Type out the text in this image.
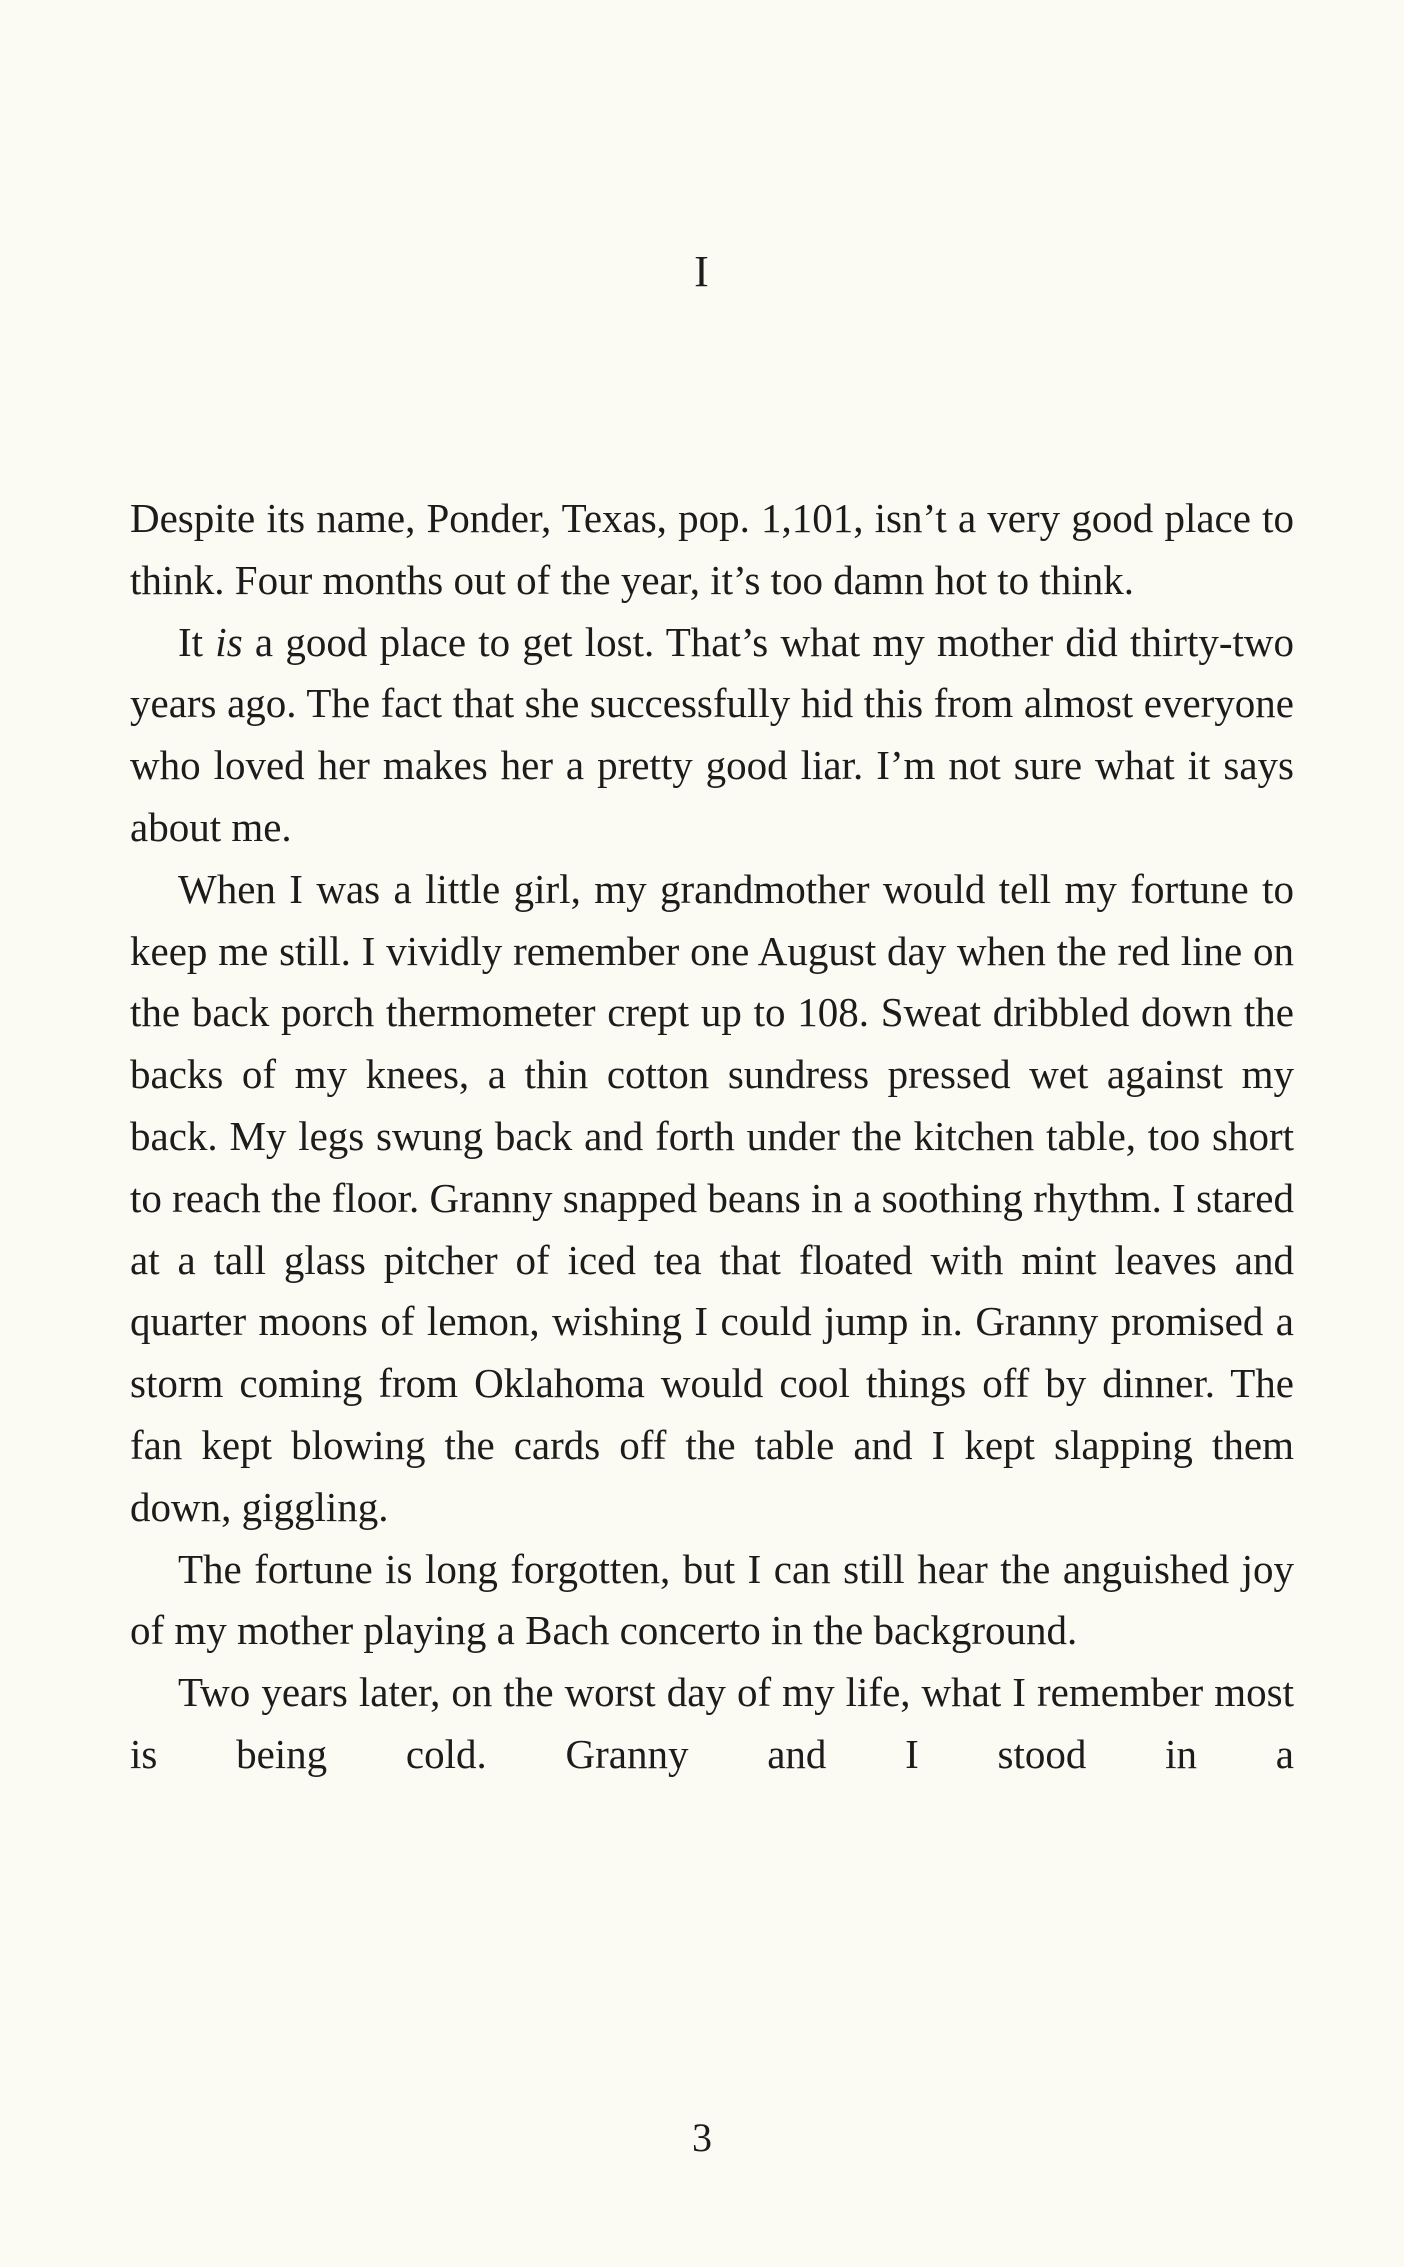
I

Despite its name, Ponder, Texas, pop. 1,101, isn’t a very good place to think. Four months out of the year, it’s too damn hot to think.

It is a good place to get lost. That’s what my mother did thirty-two years ago. The fact that she successfully hid this from almost everyone who loved her makes her a pretty good liar. I’m not sure what it says about me.

When I was a little girl, my grandmother would tell my fortune to keep me still. I vividly remember one August day when the red line on the back porch thermometer crept up to 108. Sweat dribbled down the backs of my knees, a thin cotton sundress pressed wet against my back. My legs swung back and forth under the kitchen table, too short to reach the floor. Granny snapped beans in a soothing rhythm. I stared at a tall glass pitcher of iced tea that floated with mint leaves and quarter moons of lemon, wishing I could jump in. Granny promised a storm coming from Oklahoma would cool things off by dinner. The fan kept blowing the cards off the table and I kept slapping them down, giggling.

The fortune is long forgotten, but I can still hear the anguished joy of my mother playing a Bach concerto in the background.

Two years later, on the worst day of my life, what I remember most is being cold. Granny and I stood in a

3
